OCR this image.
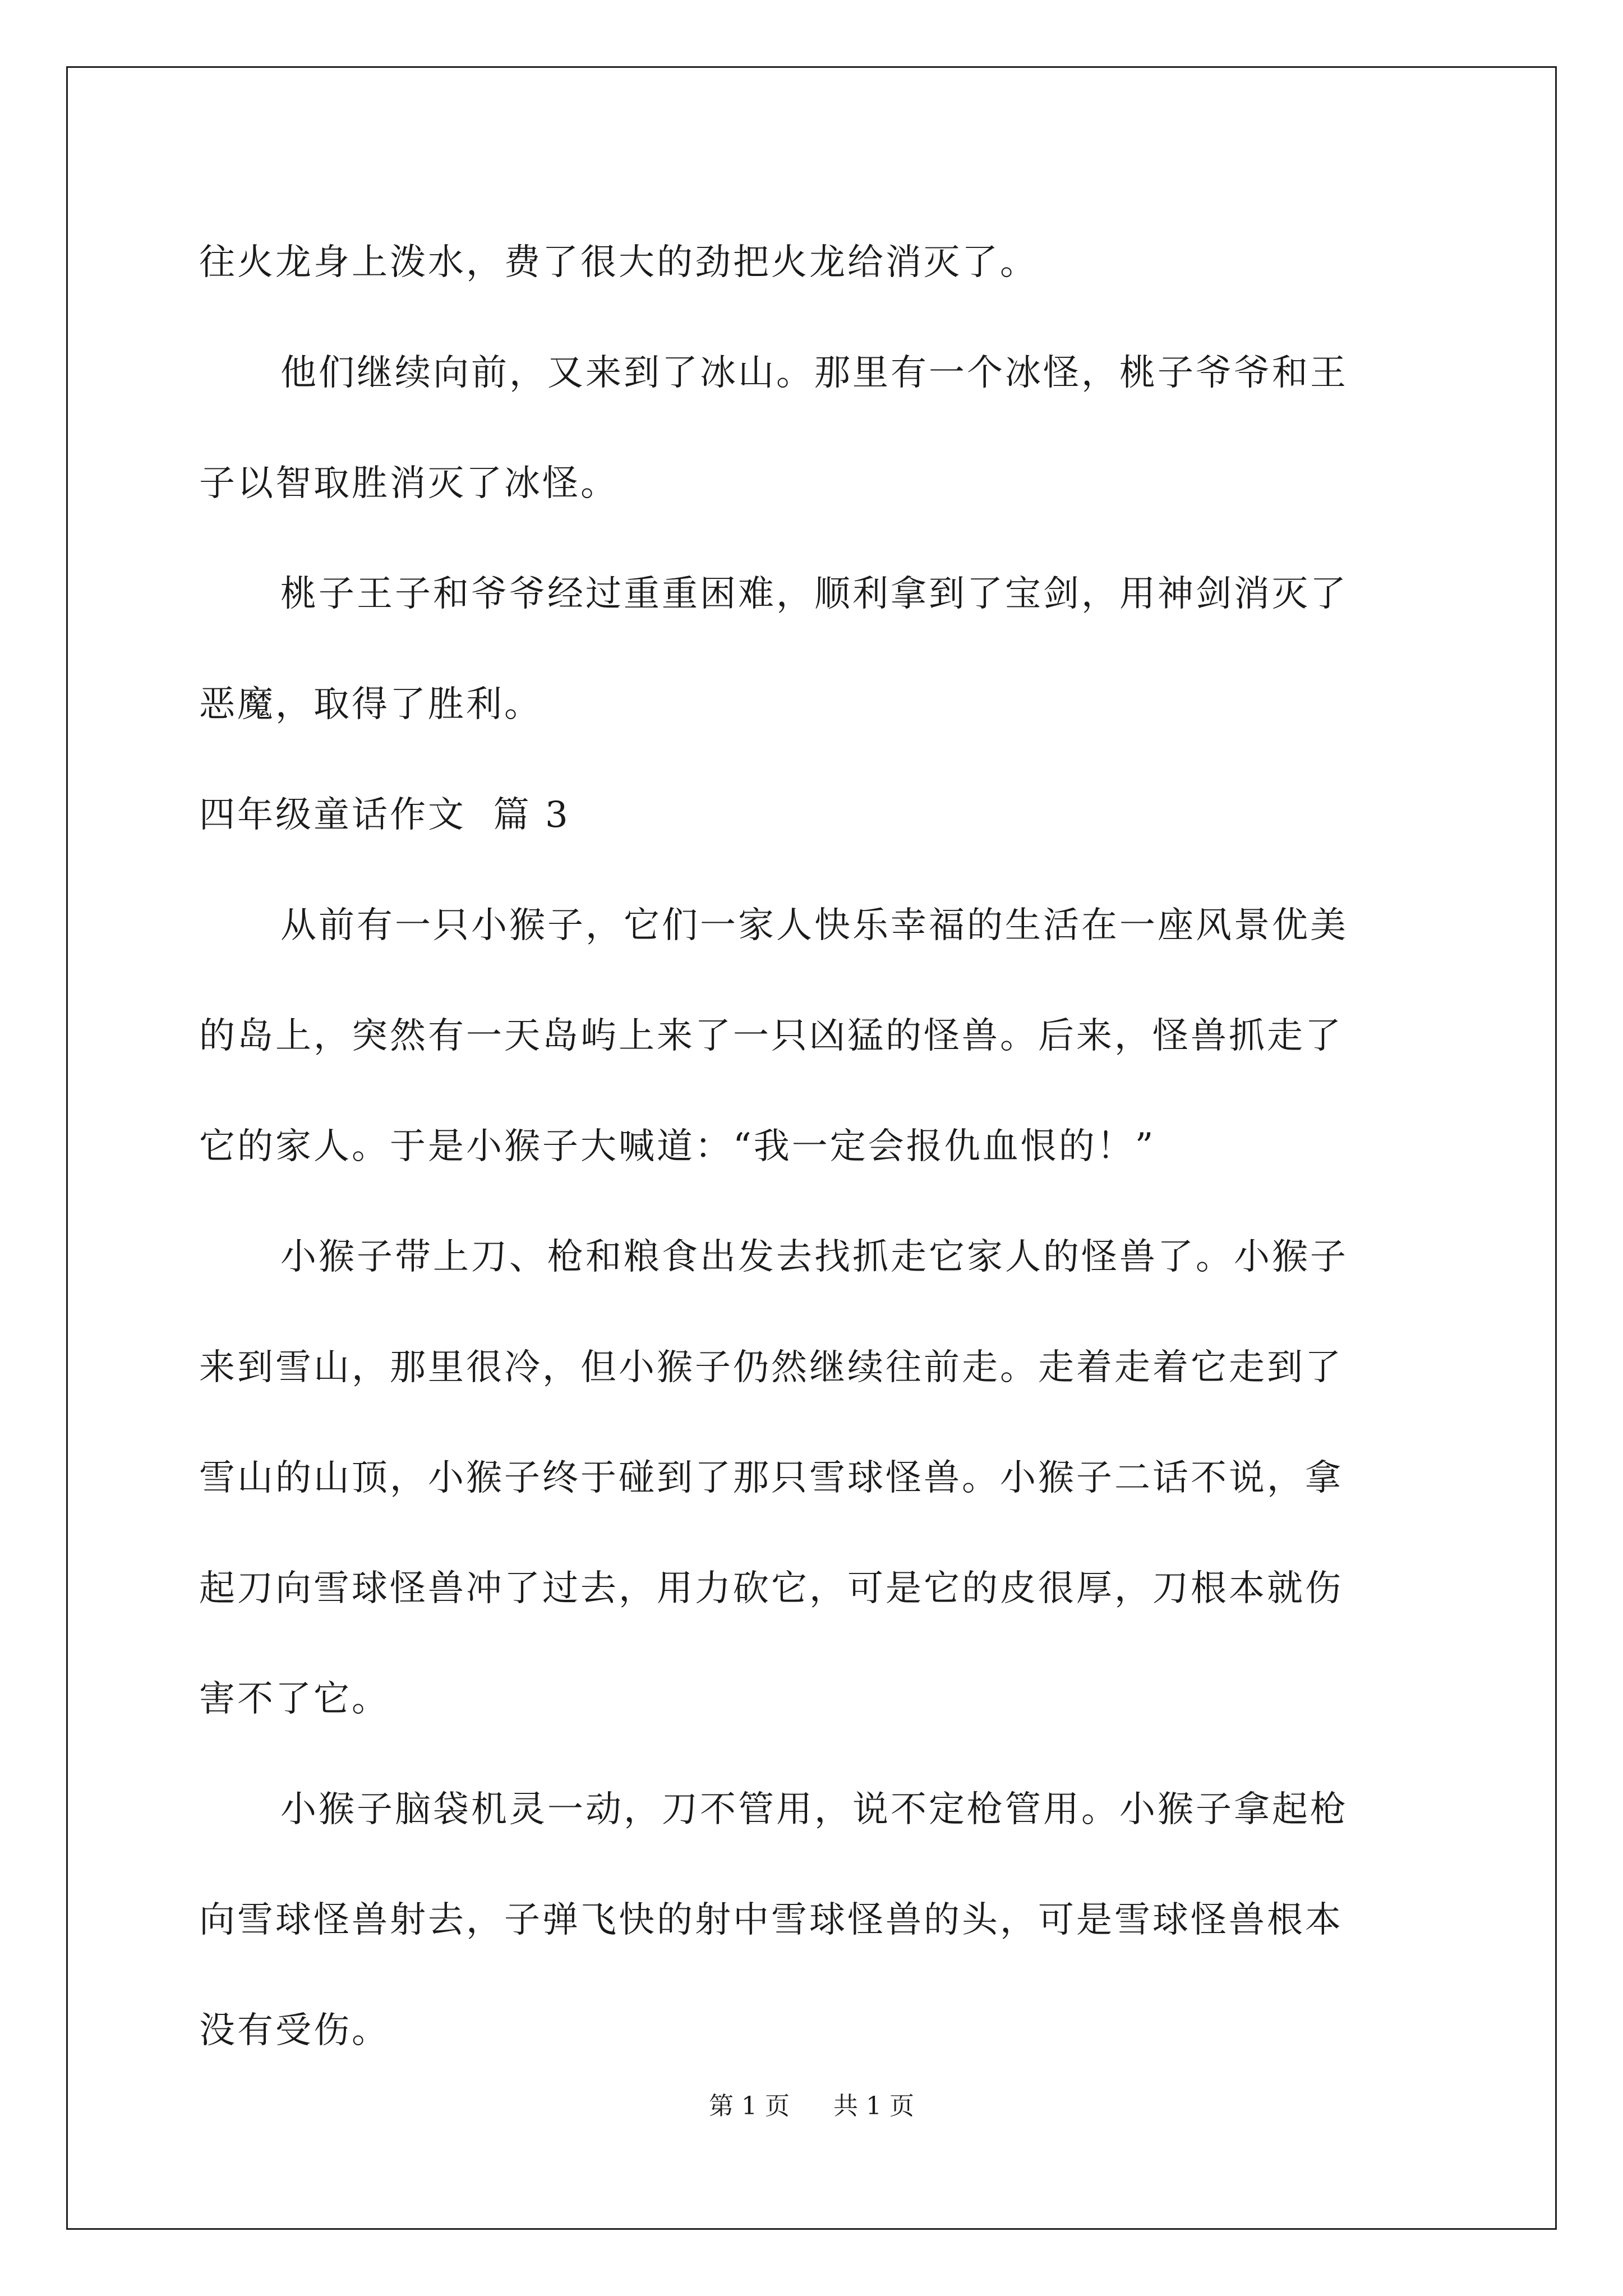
往火龙身上泼水，费了很大的劲把火龙给消灭了。
他们继续向前，又来到了冰山。那里有一个冰怪，桃子爷爷和王
子以智取胜消灭了冰怪。
桃子王子和爷爷经过重重困难，顺利拿到了宝剑，用神剑消灭了
恶魔，取得了胜利。
四年级童话作文  篇 3
从前有一只小猴子，它们一家人快乐幸福的生活在一座风景优美
的岛上，突然有一天岛屿上来了一只凶猛的怪兽。后来，怪兽抓走了
它的家人。于是小猴子大喊道：“我一定会报仇血恨的！”
小猴子带上刀、枪和粮食出发去找抓走它家人的怪兽了。小猴子
来到雪山，那里很冷，但小猴子仍然继续往前走。走着走着它走到了
雪山的山顶，小猴子终于碰到了那只雪球怪兽。小猴子二话不说，拿
起刀向雪球怪兽冲了过去，用力砍它，可是它的皮很厚，刀根本就伤
害不了它。
小猴子脑袋机灵一动，刀不管用，说不定枪管用。小猴子拿起枪
向雪球怪兽射去，子弹飞快的射中雪球怪兽的头，可是雪球怪兽根本
没有受伤。
第 1 页 共 1 页
